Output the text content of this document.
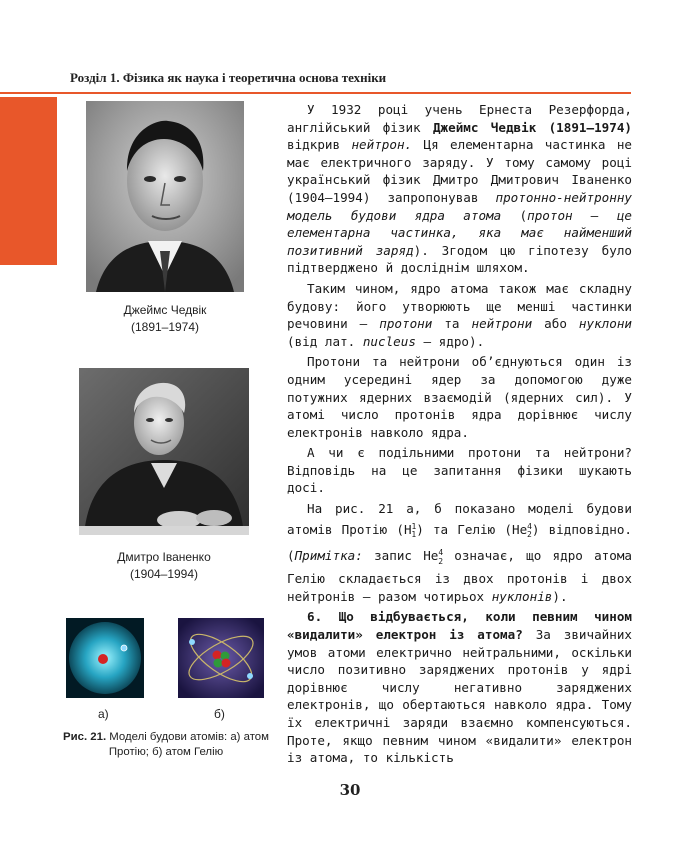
Розділ 1. Фізика як наука і теоретична основа техніки
Джеймс Чедвік
(1891–1974)
Дмитро Іваненко
(1904–1994)
а)	б)
Рис. 21. Моделі будови атомів: а) атом Протію; б) атом Гелію

У 1932 році учень Ернеста Резерфорда, англійський фізик Джеймс Чедвік (1891–1974) відкрив нейтрон. Ця елементарна частинка не має електричного заряду. У тому самому році український фізик Дмитро Дмитрович Іваненко (1904–1994) запропонував протонно-нейтронну модель будови ядра атома (протон — це елементарна частинка, яка має найменший позитивний заряд). Згодом цю гіпотезу було підтверджено й досліднім шляхом.

Таким чином, ядро атома також має складну будову: його утворюють ще менші частинки речовини — протони та нейтрони або нуклони (від лат. nucleus — ядро).

Протони та нейтрони об’єднуються один із одним усередині ядер за допомогою дуже потужних ядерних взаємодій (ядерних сил). У атомі число протонів ядра дорівнює числу електронів навколо ядра.

А чи є подільними протони та нейтрони? Відповідь на це запитання фізики шукають досі.

На рис. 21 а, б показано моделі будови атомів Протію $(H^1_1)$ та Гелію $(He^4_2)$ відповідно. (Примітка: запис $He^4_2$ означає, що ядро атома Гелію складається із двох протонів і двох нейтронів — разом чотирьох нуклонів).

6. Що відбувається, коли певним чином «видалити» електрон із атома? За звичайних умов атоми електрично нейтральними, оскільки число позитивно заряджених протонів у ядрі дорівнює числу негативно заряджених електронів, що обертаються навколо ядра. Тому їх електричні заряди взаємно компенсуються. Проте, якщо певним чином «видалити» електрон із атома, то кількість

30
